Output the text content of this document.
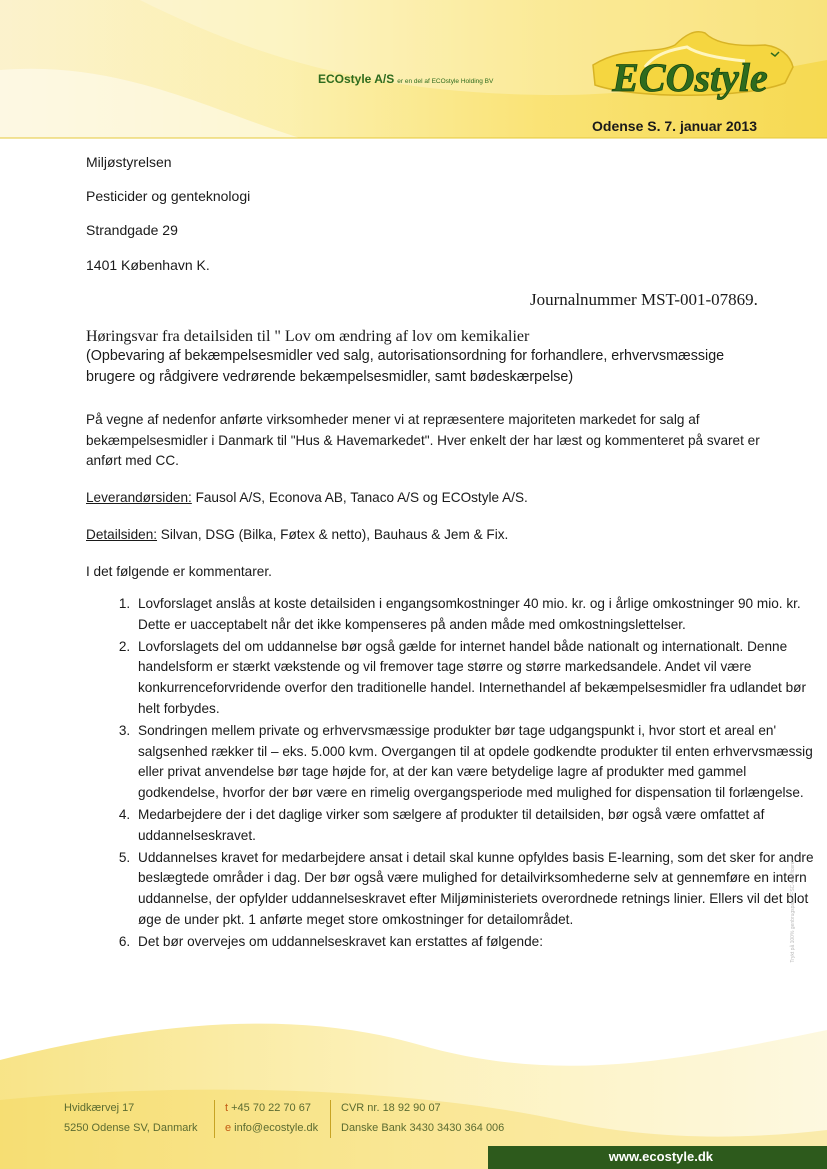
ECOstyle A/S er en del af ECOstyle Holding BV	ECOstyle
Odense S. 7. januar 2013
Miljøstyrelsen
Pesticider og genteknologi
Strandgade 29
1401 København K.
Journalnummer MST-001-07869.
Høringsvar fra detailsiden til " Lov om ændring af lov om kemikalier
(Opbevaring af bekæmpelsesmidler ved salg, autorisationsordning for forhandlere, erhvervsmæssige brugere og rådgivere vedrørende bekæmpelsesmidler, samt bødeskærpelse)
På vegne af nedenfor anførte virksomheder mener vi at repræsentere majoriteten markedet for salg af bekæmpelsesmidler i Danmark til "Hus & Havemarkedet". Hver enkelt der har læst og kommenteret på svaret er anført med CC.
Leverandørsiden: Fausol A/S, Econova AB, Tanaco A/S og ECOstyle A/S.
Detailsiden: Silvan, DSG (Bilka, Føtex & netto), Bauhaus & Jem & Fix.
I det følgende er kommentarer.
1. Lovforslaget anslås at koste detailsiden i engangsomkostninger 40 mio. kr. og i årlige omkostninger 90 mio. kr. Dette er uacceptabelt når det ikke kompenseres på anden måde med omkostningslettelser.
2. Lovforslagets del om uddannelse bør også gælde for internet handel både nationalt og internationalt. Denne handelsform er stærkt vækstende og vil fremover tage større og større markedsandele. Andet vil være konkurrenceforvridende overfor den traditionelle handel. Internethandel af bekæmpelsesmidler fra udlandet bør helt forbydes.
3. Sondringen mellem private og erhvervsmæssige produkter bør tage udgangspunkt i, hvor stort et areal en' salgsenhed rækker til – eks. 5.000 kvm. Overgangen til at opdele godkendte produkter til enten erhvervsmæssig eller privat anvendelse bør tage højde for, at der kan være betydelige lagre af produkter med gammel godkendelse, hvorfor der bør være en rimelig overgangsperiode med mulighed for dispensation til forlængelse.
4. Medarbejdere der i det daglige virker som sælgere af produkter til detailsiden, bør også være omfattet af uddannelseskravet.
5. Uddannelses kravet for medarbejdere ansat i detail skal kunne opfyldes basis E-learning, som det sker for andre beslægtede områder i dag. Der bør også være mulighed for detailvirksomhederne selv at gennemføre en intern uddannelse, der opfylder uddannelseskravet efter Miljøministeriets overordnede retnings linier. Ellers vil det blot øge de under pkt. 1 anførte meget store omkostninger for detailområdet.
6. Det bør overvejes om uddannelseskravet kan erstattes af følgende:	Trykt på 100% genbrugspapir, FSC-certificeret
Hvidkærvej 17
5250 Odense SV, Danmark
t +45 70 22 70 67
e info@ecostyle.dk
CVR nr. 18 92 90 07
Danske Bank 3430 3430 364 006
www.ecostyle.dk
